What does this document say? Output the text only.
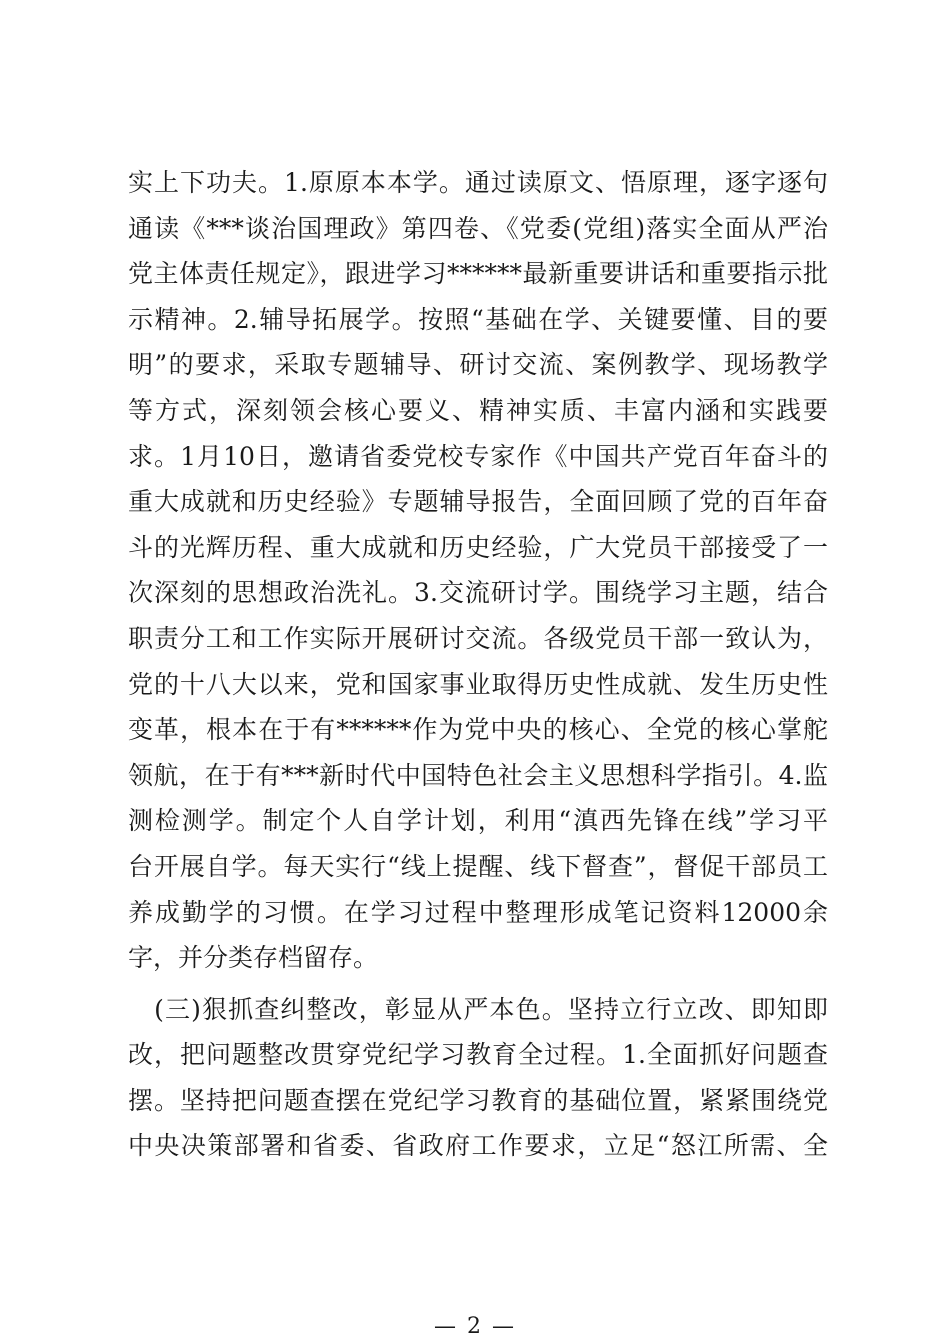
实上下功夫。1.原原本本学。通过读原文、悟原理，逐字逐句
通读《***谈治国理政》第四卷、《党委(党组)落实全面从严治
党主体责任规定》，跟进学习******最新重要讲话和重要指示批
示精神。2.辅导拓展学。按照“基础在学、关键要懂、目的要
明”的要求，采取专题辅导、研讨交流、案例教学、现场教学
等方式，深刻领会核心要义、精神实质、丰富内涵和实践要
求。1月10日，邀请省委党校专家作《中国共产党百年奋斗的
重大成就和历史经验》专题辅导报告，全面回顾了党的百年奋
斗的光辉历程、重大成就和历史经验，广大党员干部接受了一
次深刻的思想政治洗礼。3.交流研讨学。围绕学习主题，结合
职责分工和工作实际开展研讨交流。各级党员干部一致认为，
党的十八大以来，党和国家事业取得历史性成就、发生历史性
变革，根本在于有******作为党中央的核心、全党的核心掌舵
领航，在于有***新时代中国特色社会主义思想科学指引。4.监
测检测学。制定个人自学计划，利用“滇西先锋在线”学习平
台开展自学。每天实行“线上提醒、线下督查”，督促干部员工
养成勤学的习惯。在学习过程中整理形成笔记资料12000余
字，并分类存档留存。
　(三)狠抓查纠整改，彰显从严本色。坚持立行立改、即知即
改，把问题整改贯穿党纪学习教育全过程。1.全面抓好问题查
摆。坚持把问题查摆在党纪学习教育的基础位置，紧紧围绕党
中央决策部署和省委、省政府工作要求，立足“怒江所需、全
— 2 —
